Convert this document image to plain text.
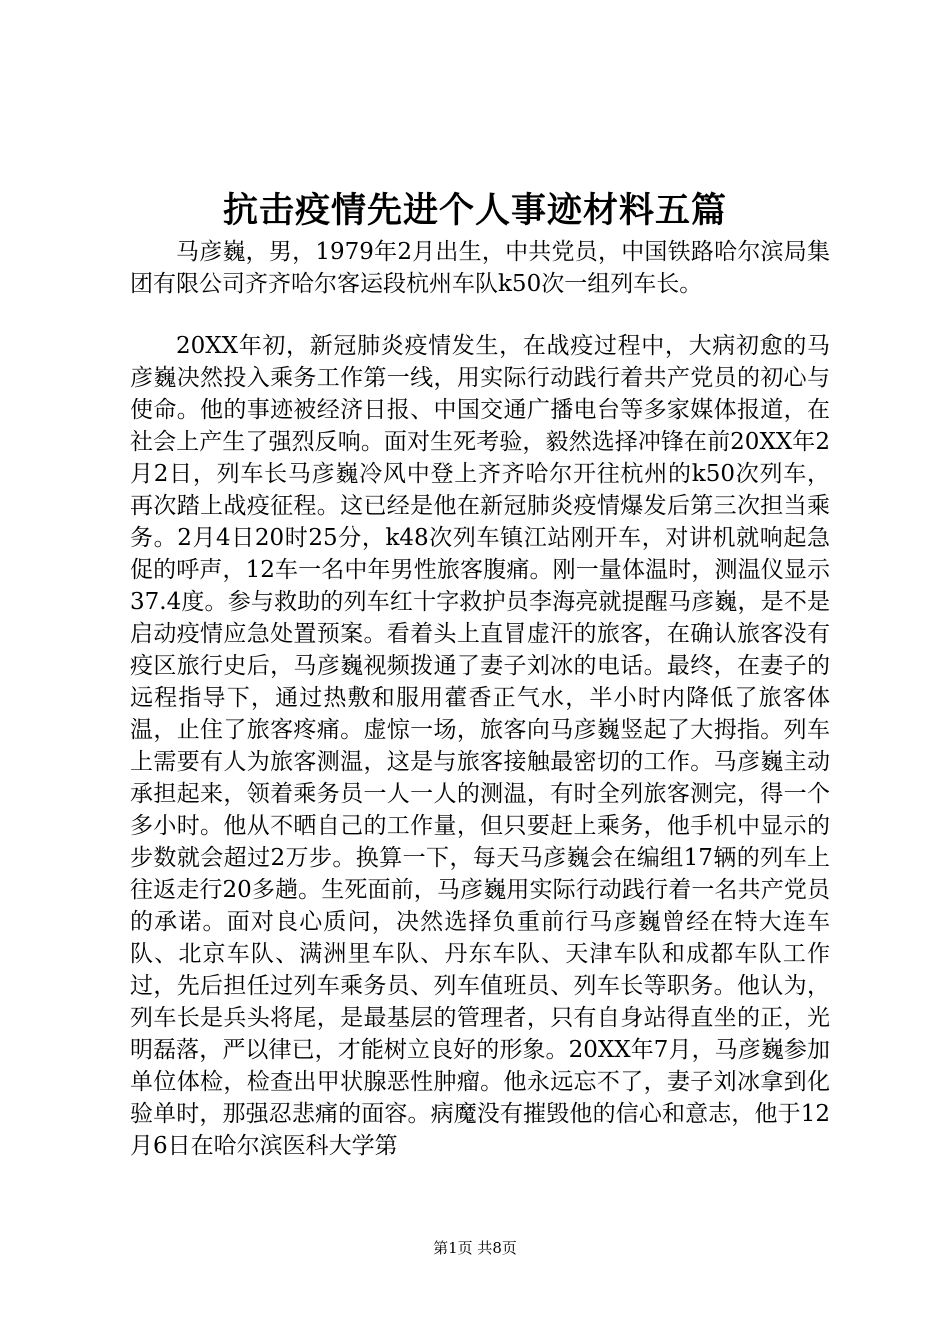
抗击疫情先进个人事迹材料五篇

马彦巍，男，1979年2月出生，中共党员，中国铁路哈尔滨局集团有限公司齐齐哈尔客运段杭州车队k50次一组列车长。

20XX年初，新冠肺炎疫情发生，在战疫过程中，大病初愈的马彦巍决然投入乘务工作第一线，用实际行动践行着共产党员的初心与使命。他的事迹被经济日报、中国交通广播电台等多家媒体报道，在社会上产生了强烈反响。面对生死考验，毅然选择冲锋在前20XX年2月2日，列车长马彦巍冷风中登上齐齐哈尔开往杭州的k50次列车，再次踏上战疫征程。这已经是他在新冠肺炎疫情爆发后第三次担当乘务。2月4日20时25分，k48次列车镇江站刚开车，对讲机就响起急促的呼声，12车一名中年男性旅客腹痛。刚一量体温时，测温仪显示37.4度。参与救助的列车红十字救护员李海亮就提醒马彦巍，是不是启动疫情应急处置预案。看着头上直冒虚汗的旅客，在确认旅客没有疫区旅行史后，马彦巍视频拨通了妻子刘冰的电话。最终，在妻子的远程指导下，通过热敷和服用藿香正气水，半小时内降低了旅客体温，止住了旅客疼痛。虚惊一场，旅客向马彦巍竖起了大拇指。列车上需要有人为旅客测温，这是与旅客接触最密切的工作。马彦巍主动承担起来，领着乘务员一人一人的测温，有时全列旅客测完，得一个多小时。他从不晒自己的工作量，但只要赶上乘务，他手机中显示的步数就会超过2万步。换算一下，每天马彦巍会在编组17辆的列车上往返走行20多趟。生死面前，马彦巍用实际行动践行着一名共产党员的承诺。面对良心质问，决然选择负重前行马彦巍曾经在特大连车队、北京车队、满洲里车队、丹东车队、天津车队和成都车队工作过，先后担任过列车乘务员、列车值班员、列车长等职务。他认为，列车长是兵头将尾，是最基层的管理者，只有自身站得直坐的正，光明磊落，严以律已，才能树立良好的形象。20XX年7月，马彦巍参加单位体检，检查出甲状腺恶性肿瘤。他永远忘不了，妻子刘冰拿到化验单时，那强忍悲痛的面容。病魔没有摧毁他的信心和意志，他于12月6日在哈尔滨医科大学第

第1页 共8页
